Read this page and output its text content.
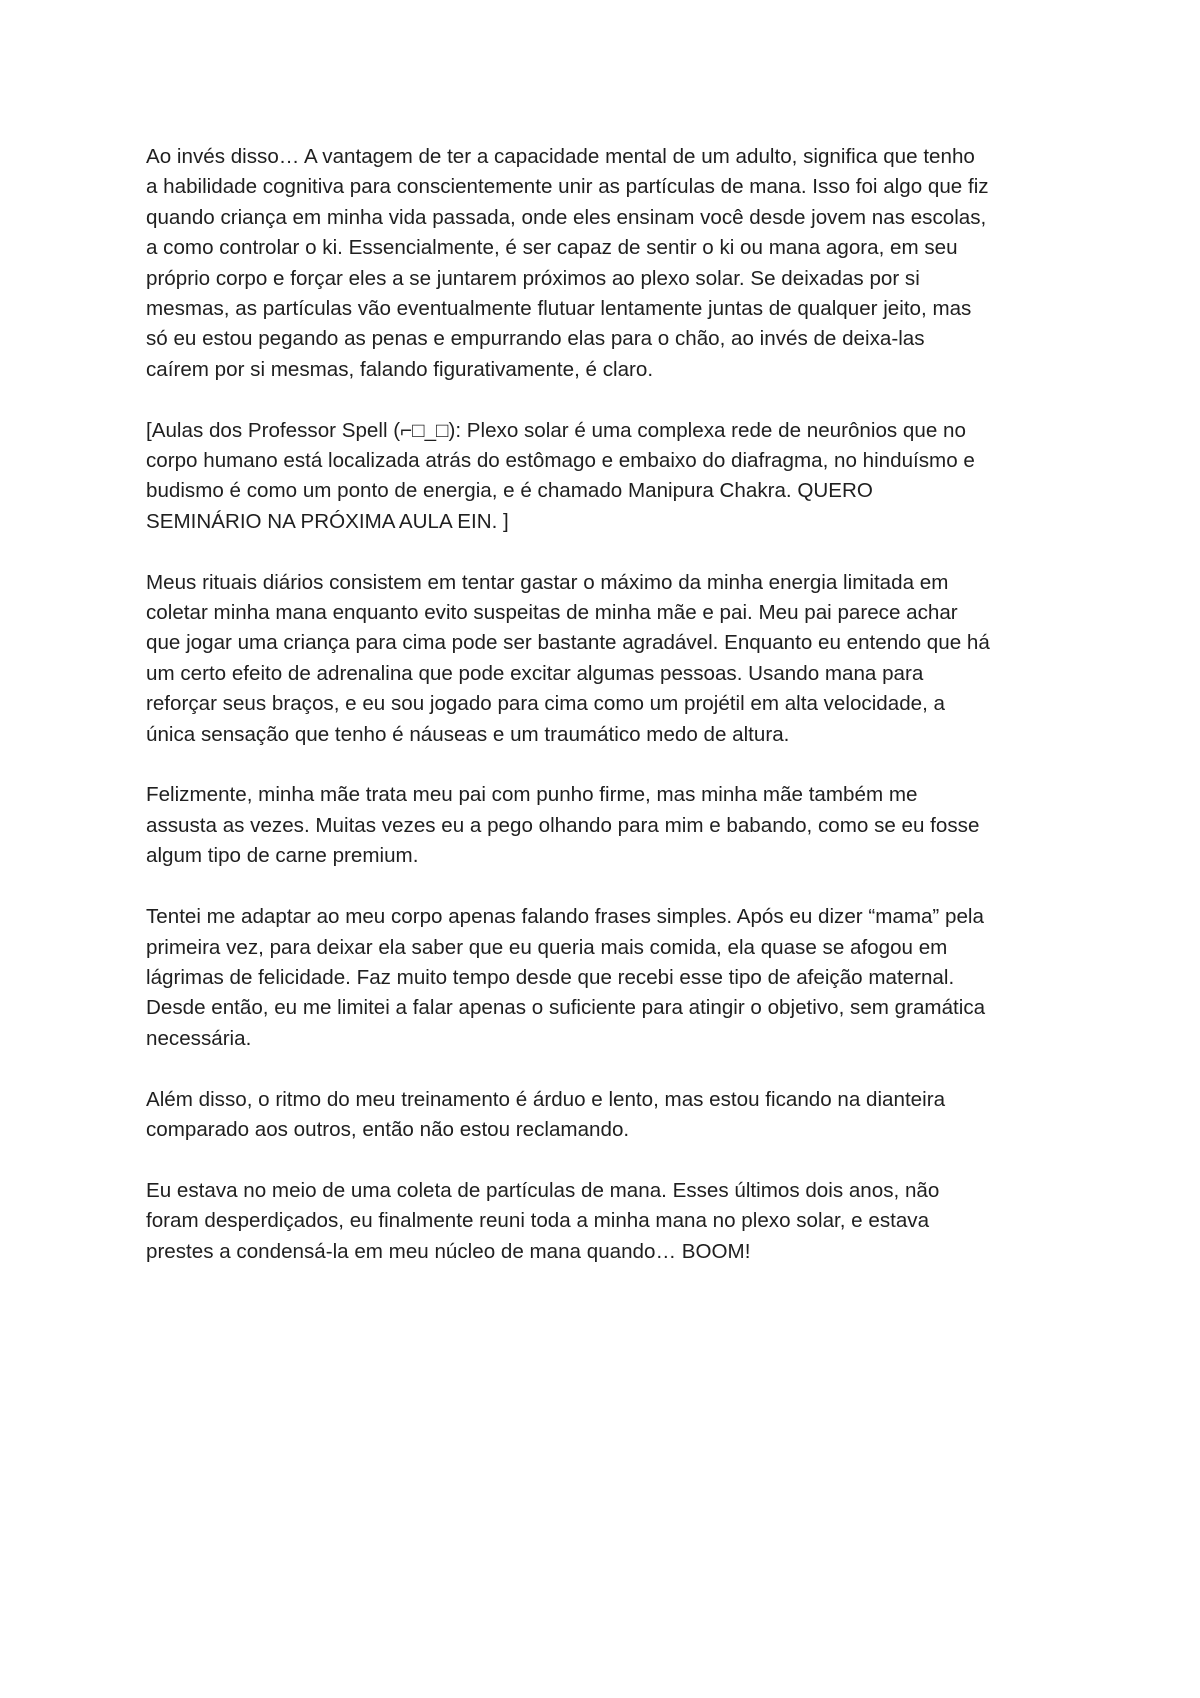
Ao invés disso… A vantagem de ter a capacidade mental de um adulto, significa que tenho
a habilidade cognitiva para conscientemente unir as partículas de mana. Isso foi algo que fiz
quando criança em minha vida passada, onde eles ensinam você desde jovem nas escolas,
a como controlar o ki. Essencialmente, é ser capaz de sentir o ki ou mana agora, em seu
próprio corpo e forçar eles a se juntarem próximos ao plexo solar. Se deixadas por si
mesmas, as partículas vão eventualmente flutuar lentamente juntas de qualquer jeito, mas
só eu estou pegando as penas e empurrando elas para o chão, ao invés de deixa-las
caírem por si mesmas, falando figurativamente, é claro.

[Aulas dos Professor Spell (⌐□_□): Plexo solar é uma complexa rede de neurônios que no
corpo humano está localizada atrás do estômago e embaixo do diafragma, no hinduísmo e
budismo é como um ponto de energia, e é chamado Manipura Chakra. QUERO
SEMINÁRIO NA PRÓXIMA AULA EIN. ]

Meus rituais diários consistem em tentar gastar o máximo da minha energia limitada em
coletar minha mana enquanto evito suspeitas de minha mãe e pai. Meu pai parece achar
que jogar uma criança para cima pode ser bastante agradável. Enquanto eu entendo que há
um certo efeito de adrenalina que pode excitar algumas pessoas. Usando mana para
reforçar seus braços, e eu sou jogado para cima como um projétil em alta velocidade, a
única sensação que tenho é náuseas e um traumático medo de altura.

Felizmente, minha mãe trata meu pai com punho firme, mas minha mãe também me
assusta as vezes. Muitas vezes eu a pego olhando para mim e babando, como se eu fosse
algum tipo de carne premium.

Tentei me adaptar ao meu corpo apenas falando frases simples. Após eu dizer “mama” pela
primeira vez, para deixar ela saber que eu queria mais comida, ela quase se afogou em
lágrimas de felicidade. Faz muito tempo desde que recebi esse tipo de afeição maternal.
Desde então, eu me limitei a falar apenas o suficiente para atingir o objetivo, sem gramática
necessária.

Além disso, o ritmo do meu treinamento é árduo e lento, mas estou ficando na dianteira
comparado aos outros, então não estou reclamando.

Eu estava no meio de uma coleta de partículas de mana. Esses últimos dois anos, não
foram desperdiçados, eu finalmente reuni toda a minha mana no plexo solar, e estava
prestes a condensá-la em meu núcleo de mana quando… BOOM!
